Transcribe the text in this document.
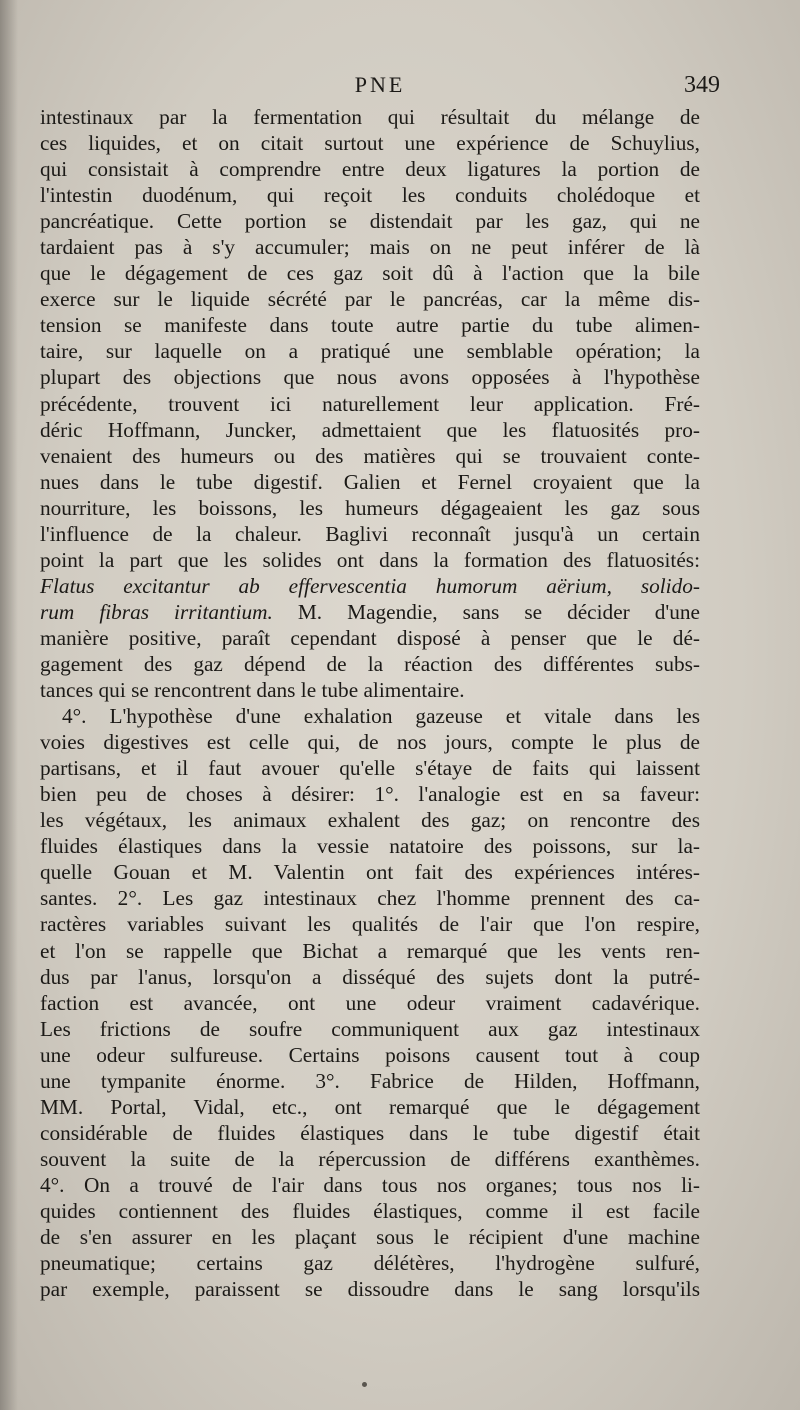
PNE	349
intestinaux par la fermentation qui résultait du mélange de
ces liquides, et on citait surtout une expérience de Schuylius,
qui consistait à comprendre entre deux ligatures la portion de
l'intestin duodénum, qui reçoit les conduits cholédoque et
pancréatique. Cette portion se distendait par les gaz, qui ne
tardaient pas à s'y accumuler; mais on ne peut inférer de là
que le dégagement de ces gaz soit dû à l'action que la bile
exerce sur le liquide sécrété par le pancréas, car la même dis-
tension se manifeste dans toute autre partie du tube alimen-
taire, sur laquelle on a pratiqué une semblable opération; la
plupart des objections que nous avons opposées à l'hypothèse
précédente, trouvent ici naturellement leur application. Fré-
déric Hoffmann, Juncker, admettaient que les flatuosités pro-
venaient des humeurs ou des matières qui se trouvaient conte-
nues dans le tube digestif. Galien et Fernel croyaient que la
nourriture, les boissons, les humeurs dégageaient les gaz sous
l'influence de la chaleur. Baglivi reconnaît jusqu'à un certain
point la part que les solides ont dans la formation des flatuosités:
Flatus excitantur ab effervescentia humorum aërium, solido-
rum fibras irritantium. M. Magendie, sans se décider d'une
manière positive, paraît cependant disposé à penser que le dé-
gagement des gaz dépend de la réaction des différentes subs-
tances qui se rencontrent dans le tube alimentaire.
4°. L'hypothèse d'une exhalation gazeuse et vitale dans les
voies digestives est celle qui, de nos jours, compte le plus de
partisans, et il faut avouer qu'elle s'étaye de faits qui laissent
bien peu de choses à désirer: 1°. l'analogie est en sa faveur:
les végétaux, les animaux exhalent des gaz; on rencontre des
fluides élastiques dans la vessie natatoire des poissons, sur la-
quelle Gouan et M. Valentin ont fait des expériences intéres-
santes. 2°. Les gaz intestinaux chez l'homme prennent des ca-
ractères variables suivant les qualités de l'air que l'on respire,
et l'on se rappelle que Bichat a remarqué que les vents ren-
dus par l'anus, lorsqu'on a disséqué des sujets dont la putré-
faction est avancée, ont une odeur vraiment cadavérique.
Les frictions de soufre communiquent aux gaz intestinaux
une odeur sulfureuse. Certains poisons causent tout à coup
une tympanite énorme. 3°. Fabrice de Hilden, Hoffmann,
MM. Portal, Vidal, etc., ont remarqué que le dégagement
considérable de fluides élastiques dans le tube digestif était
souvent la suite de la répercussion de différens exanthèmes.
4°. On a trouvé de l'air dans tous nos organes; tous nos li-
quides contiennent des fluides élastiques, comme il est facile
de s'en assurer en les plaçant sous le récipient d'une machine
pneumatique; certains gaz délétères, l'hydrogène sulfuré,
par exemple, paraissent se dissoudre dans le sang lorsqu'ils
